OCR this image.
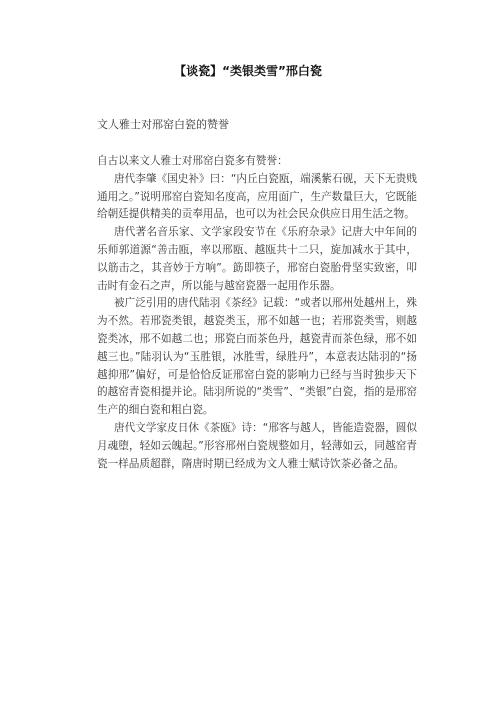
【谈瓷】“类银类雪”邢白瓷
文人雅士对邢窑白瓷的赞誉

自古以来文人雅士对邢窑白瓷多有赞誉：

唐代李肇《国史补》曰：“内丘白瓷瓯，端溪紫石砚，天下无贵贱通用之。”说明邢窑白瓷知名度高，应用面广，生产数量巨大，它既能给朝廷提供精美的贡奉用品，也可以为社会民众供应日用生活之物。

唐代著名音乐家、文学家段安节在《乐府杂录》记唐大中年间的乐师郭道源“善击瓯，率以邢瓯、越瓯共十二只，旋加减水于其中，以筋击之，其音妙于方响”。筯即筷子，邢窑白瓷胎骨坚实致密，叩击时有金石之声，所以能与越窑瓷器一起用作乐器。

被广泛引用的唐代陆羽《茶经》记载：“或者以邢州处越州上，殊为不然。若邢瓷类银，越瓷类玉，邢不如越一也；若邢瓷类雪，则越瓷类冰，邢不如越二也；邢瓷白而茶色丹，越瓷青而茶色绿，邢不如越三也。”陆羽认为“玉胜银，冰胜雪，绿胜丹”，本意表达陆羽的“扬越抑邢”偏好，可是恰恰反证邢窑白瓷的影响力已经与当时独步天下的越窑青瓷相提并论。陆羽所说的“类雪”、“类银”白瓷，指的是邢窑生产的细白瓷和粗白瓷。

唐代文学家皮日休《茶瓯》诗：“邢客与越人，皆能造瓷器，圆似月魂堕，轻如云魄起。”形容邢州白瓷规整如月，轻薄如云，同越窑青瓷一样品质超群，隋唐时期已经成为文人雅士赋诗饮茶必备之品。
